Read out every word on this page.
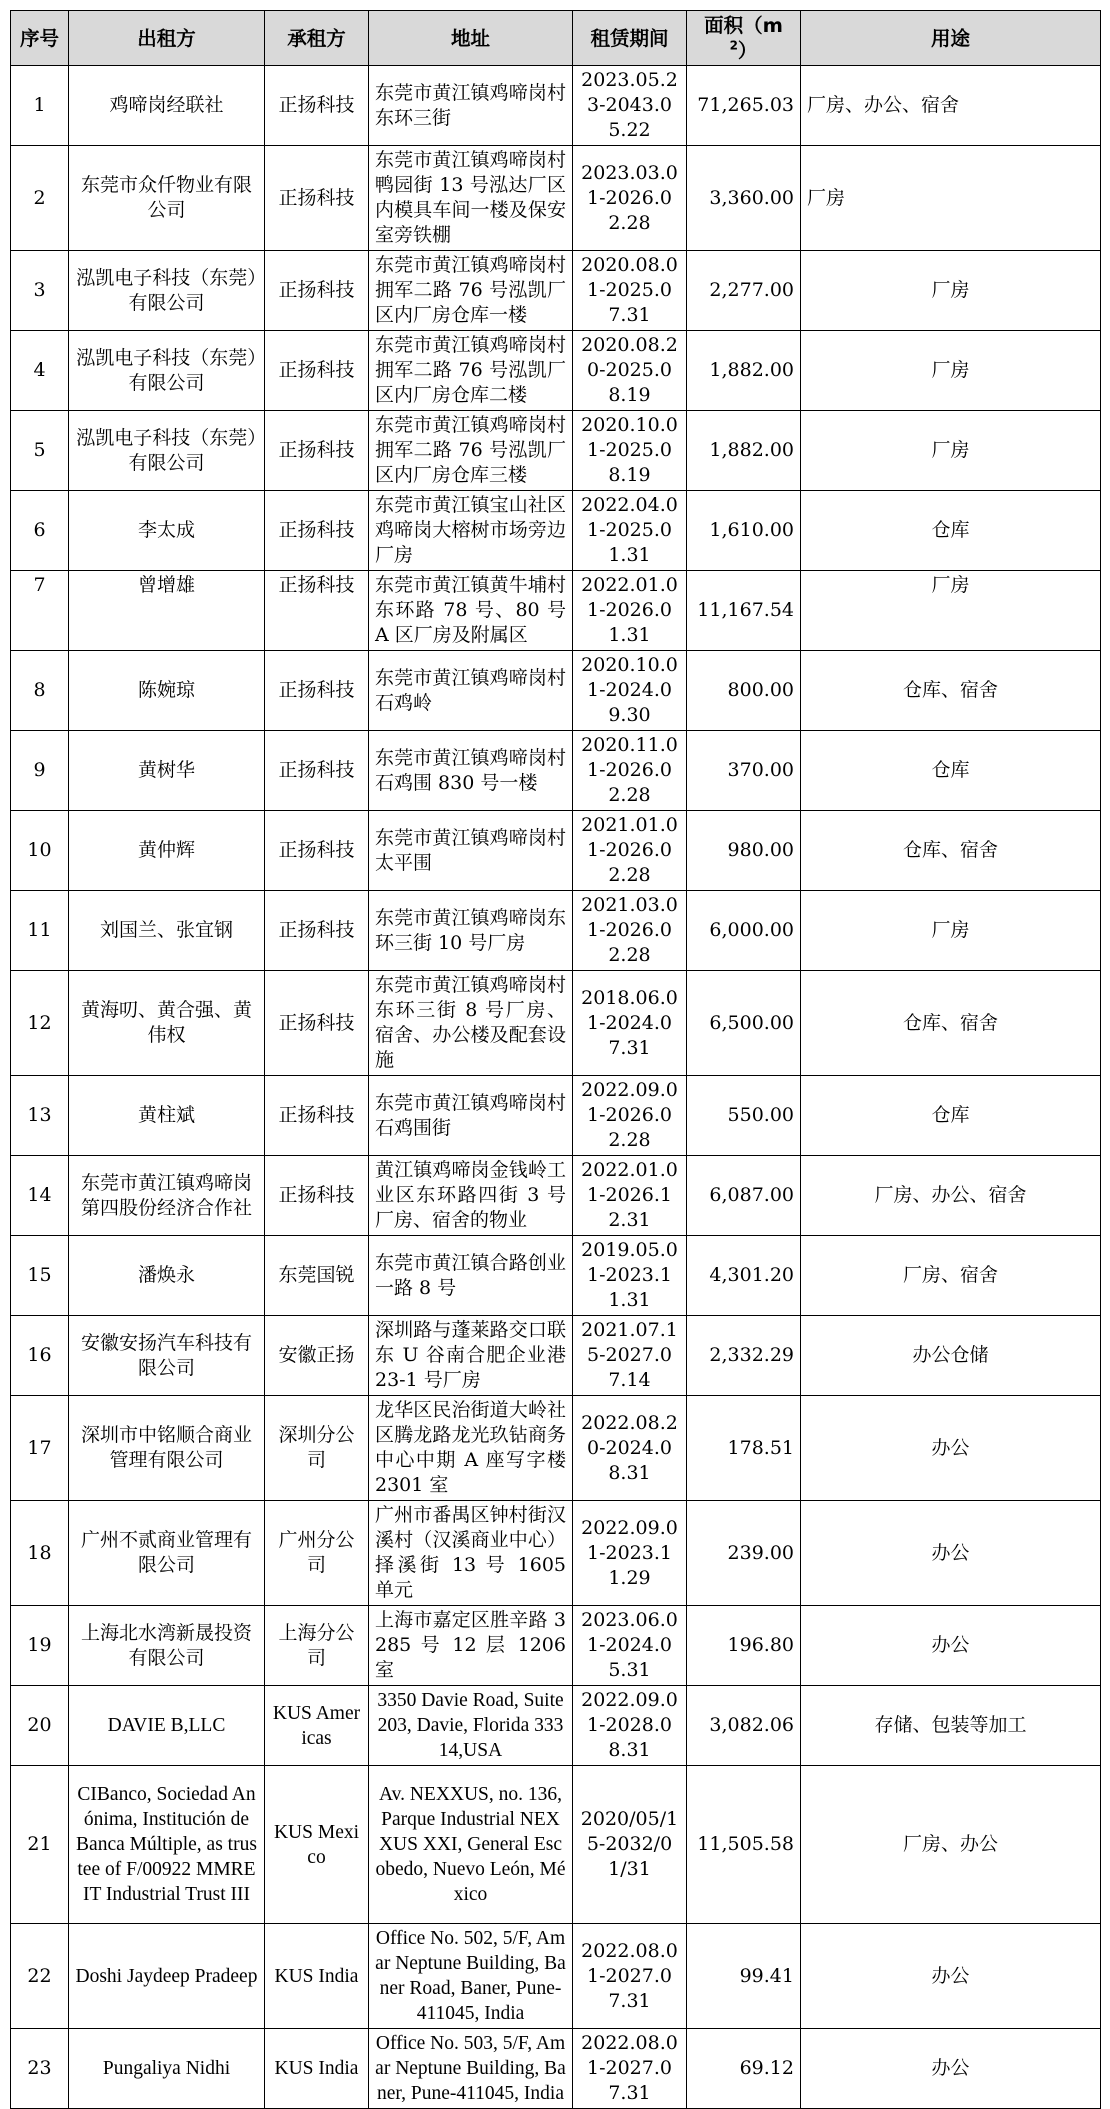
序号	出租方	承租方	地址	租赁期间	面积$(m^2)$	用途
1	鸡啼岗经联社	正扬科技	东莞市黄江镇鸡啼岗村东环三街	2023.05.23-2043.05.22	71,265.03	厂房、办公、宿舍
2	东莞市众仟物业有限公司	正扬科技	东莞市黄江镇鸡啼岗村鸭园街 13 号泓达厂区内模具车间一楼及保安室旁铁棚	2023.03.01-2026.02.28	3,360.00	厂房
3	泓凯电子科技（东莞）有限公司	正扬科技	东莞市黄江镇鸡啼岗村拥军二路 76 号泓凯厂区内厂房仓库一楼	2020.08.01-2025.07.31	2,277.00	厂房
4	泓凯电子科技（东莞）有限公司	正扬科技	东莞市黄江镇鸡啼岗村拥军二路 76 号泓凯厂区内厂房仓库二楼	2020.08.20-2025.08.19	1,882.00	厂房
5	泓凯电子科技（东莞）有限公司	正扬科技	东莞市黄江镇鸡啼岗村拥军二路 76 号泓凯厂区内厂房仓库三楼	2020.10.01-2025.08.19	1,882.00	厂房
6	李太成	正扬科技	东莞市黄江镇宝山社区鸡啼岗大榕树市场旁边厂房	2022.04.01-2025.01.31	1,610.00	仓库
7	曾增雄	正扬科技	东莞市黄江镇黄牛埔村东环路 78 号、80 号 A 区厂房及附属区	2022.01.01-2026.01.31	11,167.54	厂房
8	陈婉琼	正扬科技	东莞市黄江镇鸡啼岗村石鸡岭	2020.10.01-2024.09.30	800.00	仓库、宿舍
9	黄树华	正扬科技	东莞市黄江镇鸡啼岗村石鸡围 830 号一楼	2020.11.01-2026.02.28	370.00	仓库
10	黄仲辉	正扬科技	东莞市黄江镇鸡啼岗村太平围	2021.01.01-2026.02.28	980.00	仓库、宿舍
11	刘国兰、张宜钢	正扬科技	东莞市黄江镇鸡啼岗东环三街 10 号厂房	2021.03.01-2026.02.28	6,000.00	厂房
12	黄海叨、黄合强、黄伟权	正扬科技	东莞市黄江镇鸡啼岗村东环三街 8 号厂房、宿舍、办公楼及配套设施	2018.06.01-2024.07.31	6,500.00	仓库、宿舍
13	黄柱斌	正扬科技	东莞市黄江镇鸡啼岗村石鸡围街	2022.09.01-2026.02.28	550.00	仓库
14	东莞市黄江镇鸡啼岗第四股份经济合作社	正扬科技	黄江镇鸡啼岗金钱岭工业区东环路四街 3 号厂房、宿舍的物业	2022.01.01-2026.12.31	6,087.00	厂房、办公、宿舍
15	潘焕永	东莞国锐	东莞市黄江镇合路创业一路 8 号	2019.05.01-2023.11.31	4,301.20	厂房、宿舍
16	安徽安扬汽车科技有限公司	安徽正扬	深圳路与蓬莱路交口联东 U 谷南合肥企业港 23-1 号厂房	2021.07.15-2027.07.14	2,332.29	办公仓储
17	深圳市中铭顺合商业管理有限公司	深圳分公司	龙华区民治街道大岭社区腾龙路龙光玖钻商务中心中期 A 座写字楼 2301 室	2022.08.20-2024.08.31	178.51	办公
18	广州不贰商业管理有限公司	广州分公司	广州市番禺区钟村街汉溪村（汉溪商业中心）择溪街 13 号 1605 单元	2022.09.01-2023.11.29	239.00	办公
19	上海北水湾新晟投资有限公司	上海分公司	上海市嘉定区胜辛路 3285 号 12 层 1206 室	2023.06.01-2024.05.31	196.80	办公
20	DAVIE B,LLC	KUS Americas	3350 Davie Road, Suite 203, Davie, Florida 33314,USA	2022.09.01-2028.08.31	3,082.06	存储、包装等加工
21	CIBanco, Sociedad Anónima, Institución de Banca Múltiple, as trustee of F/00922 MMREIT Industrial Trust III	KUS Mexico	Av. NEXXUS, no. 136, Parque Industrial NEXXUS XXI, General Escobedo, Nuevo León, México	2020/05/15-2032/01/31	11,505.58	厂房、办公
22	Doshi Jaydeep Pradeep	KUS India	Office No. 502, 5/F, Amar Neptune Building, Baner Road, Baner, Pune-411045, India	2022.08.01-2027.07.31	99.41	办公
23	Pungaliya Nidhi	KUS India	Office No. 503, 5/F, Amar Neptune Building, Baner, Pune-411045, India	2022.08.01-2027.07.31	69.12	办公
